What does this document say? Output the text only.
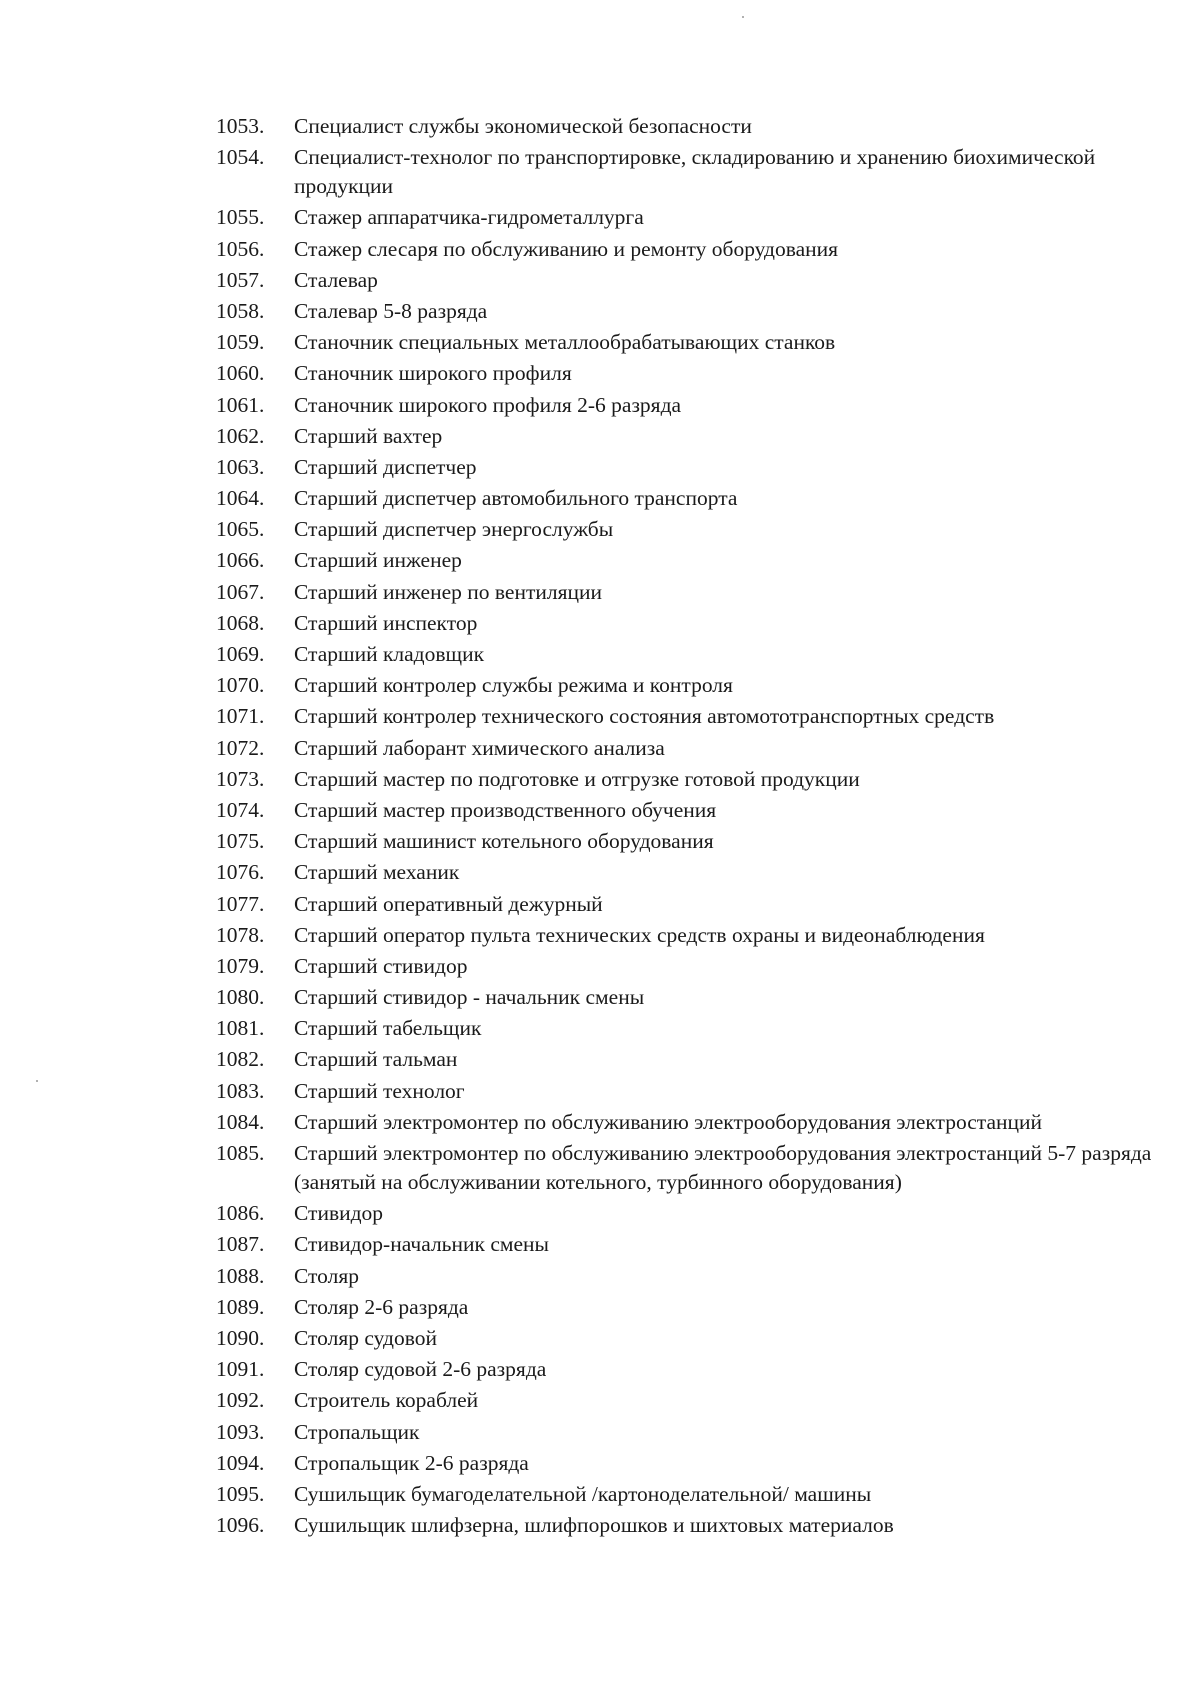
1053.	Специалист службы экономической безопасности
1054.	Специалист-технолог по транспортировке, складированию и хранению биохимической продукции
1055.	Стажер аппаратчика-гидрометаллурга
1056.	Стажер слесаря по обслуживанию и ремонту оборудования
1057.	Сталевар
1058.	Сталевар 5-8 разряда
1059.	Станочник специальных металлообрабатывающих станков
1060.	Станочник широкого профиля
1061.	Станочник широкого профиля 2-6 разряда
1062.	Старший вахтер
1063.	Старший диспетчер
1064.	Старший диспетчер автомобильного транспорта
1065.	Старший диспетчер энергослужбы
1066.	Старший инженер
1067.	Старший инженер по вентиляции
1068.	Старший инспектор
1069.	Старший кладовщик
1070.	Старший контролер службы режима и контроля
1071.	Старший контролер технического состояния автомототранспортных средств
1072.	Старший лаборант химического анализа
1073.	Старший мастер по подготовке и отгрузке готовой продукции
1074.	Старший мастер производственного обучения
1075.	Старший машинист котельного оборудования
1076.	Старший механик
1077.	Старший оперативный дежурный
1078.	Старший оператор пульта технических средств охраны и видеонаблюдения
1079.	Старший стивидор
1080.	Старший стивидор - начальник смены
1081.	Старший табельщик
1082.	Старший тальман
1083.	Старший технолог
1084.	Старший электромонтер по обслуживанию электрооборудования электростанций
1085.	Старший электромонтер по обслуживанию электрооборудования электростанций 5-7 разряда (занятый на обслуживании котельного, турбинного оборудования)
1086.	Стивидор
1087.	Стивидор-начальник смены
1088.	Столяр
1089.	Столяр 2-6 разряда
1090.	Столяр судовой
1091.	Столяр судовой 2-6 разряда
1092.	Строитель кораблей
1093.	Стропальщик
1094.	Стропальщик 2-6 разряда
1095.	Сушильщик бумагоделательной /картоноделательной/ машины
1096.	Сушильщик шлифзерна, шлифпорошков и шихтовых материалов
